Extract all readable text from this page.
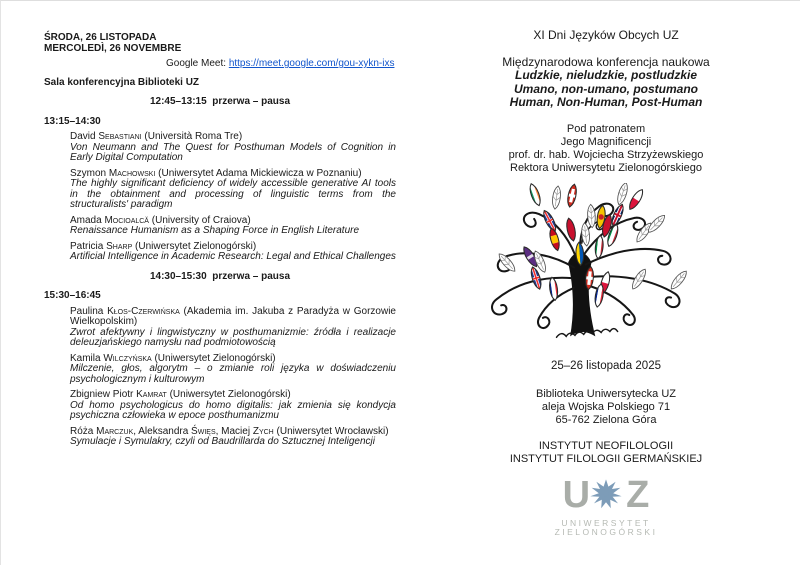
ŚRODA, 26 LISTOPADA

MERCOLEDÌ, 26 NOVEMBRE

Google Meet: https://meet.google.com/gou-xykn-ixs

Sala konferencyjna Biblioteki UZ

12:45–13:15  przerwa – pausa

13:15–14:30

David Sebastiani (Università Roma Tre)

Von Neumann and The Quest for Posthuman Models of Cognition in Early Digital Computation

Szymon Machowski (Uniwersytet Adama Mickiewicza w Poznaniu)

The highly significant deficiency of widely accessible generative AI tools in the obtainment and processing of linguistic terms from the structuralists' paradigm

Amada Mocioalcă (University of Craiova)

Renaissance Humanism as a Shaping Force in English Literature

Patricia Sharp (Uniwersytet Zielonogórski)

Artificial Intelligence in Academic Research: Legal and Ethical Challenges

14:30–15:30  przerwa – pausa

15:30–16:45

Paulina Kłos-Czerwińska (Akademia im. Jakuba z Paradyża w Gorzowie Wielkopolskim)

Zwrot afektywny i lingwistyczny w posthumanizmie: źródła i realizacje deleuzjańskiego namysłu nad podmiotowością

Kamila Wilczyńska (Uniwersytet Zielonogórski)

Milczenie, głos, algorytm – o zmianie roli języka w doświadczeniu psychologicznym i kulturowym

Zbigniew Piotr Kamrat (Uniwersytet Zielonogórski)

Od homo psychologicus do homo digitalis: jak zmienia się kondycja psychiczna człowieka w epoce posthumanizmu

Róża Marczuk, Aleksandra Święs, Maciej Zych (Uniwersytet Wrocławski)

Symulacje i Symulakry, czyli od Baudrillarda do Sztucznej Inteligencji

XI Dni Języków Obcych UZ

Międzynarodowa konferencja naukowa

Ludzkie, nieludzkie, postludzkie

Umano, non-umano, postumano

Human, Non-Human, Post-Human

Pod patronatem

Jego Magnificencji

prof. dr. hab. Wojciecha Strzyżewskiego

Rektora Uniwersytetu Zielonogórskiego

25–26 listopada 2025

Biblioteka Uniwersytecka UZ

aleja Wojska Polskiego 71

65-762 Zielona Góra

INSTYTUT NEOFILOLOGII

INSTYTUT FILOLOGII GERMAŃSKIEJ

U Z
UNIWERSYTET
ZIELONOGÓRSKI
